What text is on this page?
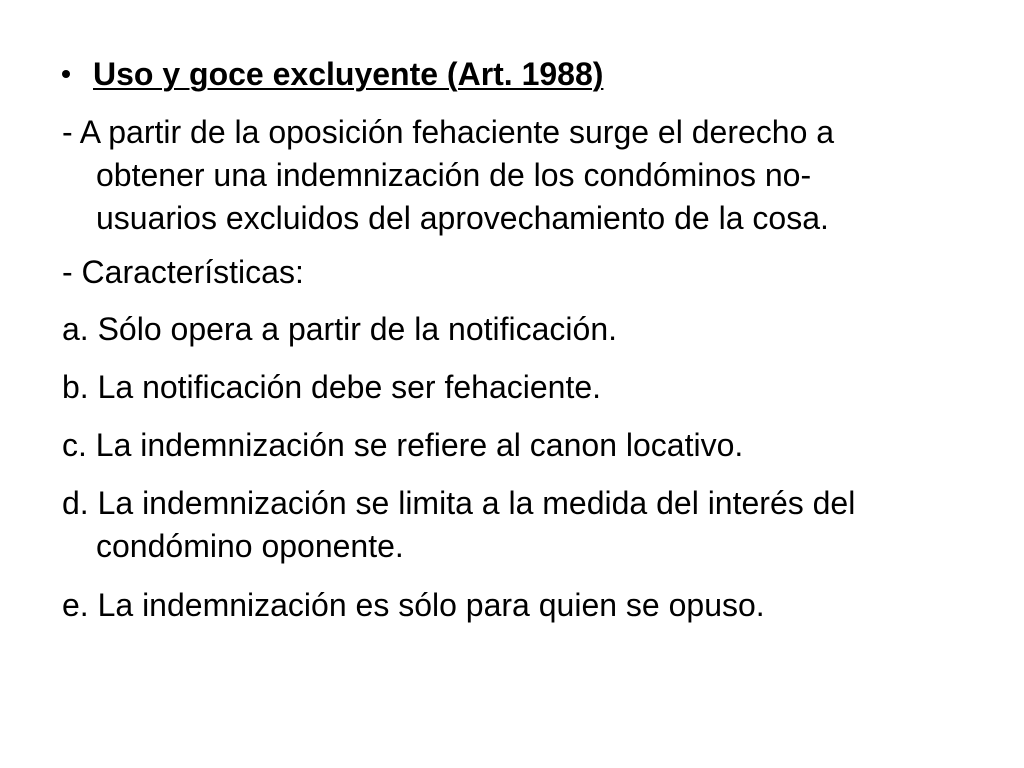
Uso y goce excluyente (Art. 1988)
- A partir de la oposición fehaciente surge el derecho a
obtener una indemnización de los condóminos no-
usuarios excluidos del aprovechamiento de la cosa.
- Características:
a. Sólo opera a partir de la notificación.
b. La notificación debe ser fehaciente.
c. La indemnización se refiere al canon locativo.
d. La indemnización se limita a la medida del interés del
condómino oponente.
e. La indemnización es sólo para quien se opuso.
